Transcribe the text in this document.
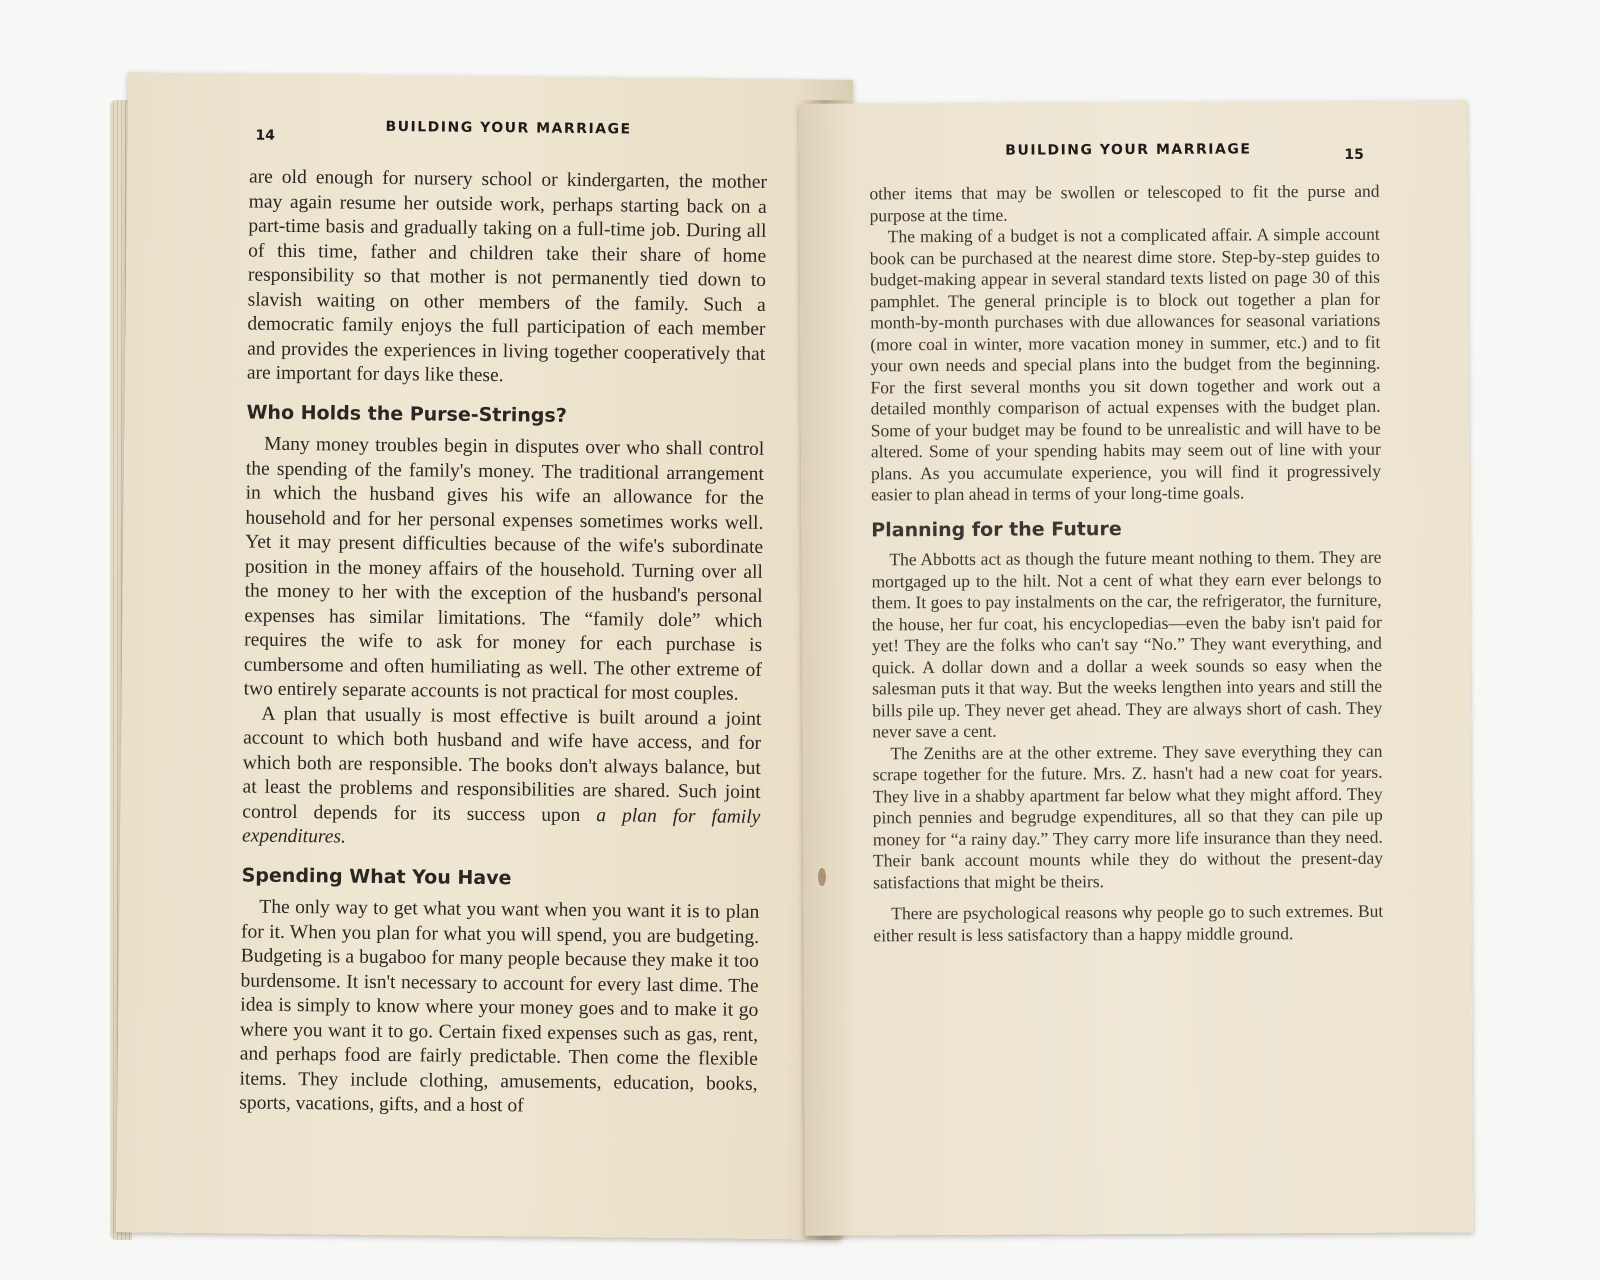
14	BUILDING YOUR MARRIAGE

are old enough for nursery school or kindergarten, the mother may again resume her outside work, perhaps starting back on a part-time basis and gradually taking on a full-time job. During all of this time, father and children take their share of home responsibility so that mother is not permanently tied down to slavish waiting on other members of the family. Such a democratic family enjoys the full participation of each member and provides the experiences in living together cooperatively that are important for days like these.

Who Holds the Purse-Strings?

Many money troubles begin in disputes over who shall control the spending of the family's money. The traditional arrangement in which the husband gives his wife an allowance for the household and for her personal expenses sometimes works well. Yet it may present difficulties because of the wife's subordinate position in the money affairs of the household. Turning over all the money to her with the exception of the husband's personal expenses has similar limitations. The “family dole” which requires the wife to ask for money for each purchase is cumbersome and often humiliating as well. The other extreme of two entirely separate accounts is not practical for most couples.

A plan that usually is most effective is built around a joint account to which both husband and wife have access, and for which both are responsible. The books don't always balance, but at least the problems and responsibilities are shared. Such joint control depends for its success upon a plan for family expenditures.

Spending What You Have

The only way to get what you want when you want it is to plan for it. When you plan for what you will spend, you are budgeting. Budgeting is a bugaboo for many people because they make it too burdensome. It isn't necessary to account for every last dime. The idea is simply to know where your money goes and to make it go where you want it to go. Certain fixed expenses such as gas, rent, and perhaps food are fairly predictable. Then come the flexible items. They include clothing, amusements, education, books, sports, vacations, gifts, and a host of

BUILDING YOUR MARRIAGE	15

other items that may be swollen or telescoped to fit the purse and purpose at the time.

The making of a budget is not a complicated affair. A simple account book can be purchased at the nearest dime store. Step-by-step guides to budget-making appear in several standard texts listed on page 30 of this pamphlet. The general principle is to block out together a plan for month-by-month purchases with due allowances for seasonal variations (more coal in winter, more vacation money in summer, etc.) and to fit your own needs and special plans into the budget from the beginning. For the first several months you sit down together and work out a detailed monthly comparison of actual expenses with the budget plan. Some of your budget may be found to be unrealistic and will have to be altered. Some of your spending habits may seem out of line with your plans. As you accumulate experience, you will find it progressively easier to plan ahead in terms of your long-time goals.

Planning for the Future

The Abbotts act as though the future meant nothing to them. They are mortgaged up to the hilt. Not a cent of what they earn ever belongs to them. It goes to pay instalments on the car, the refrigerator, the furniture, the house, her fur coat, his encyclopedias—even the baby isn't paid for yet! They are the folks who can't say “No.” They want everything, and quick. A dollar down and a dollar a week sounds so easy when the salesman puts it that way. But the weeks lengthen into years and still the bills pile up. They never get ahead. They are always short of cash. They never save a cent.

The Zeniths are at the other extreme. They save everything they can scrape together for the future. Mrs. Z. hasn't had a new coat for years. They live in a shabby apartment far below what they might afford. They pinch pennies and begrudge expenditures, all so that they can pile up money for “a rainy day.” They carry more life insurance than they need. Their bank account mounts while they do without the present-day satisfactions that might be theirs.

There are psychological reasons why people go to such extremes. But either result is less satisfactory than a happy middle ground.
